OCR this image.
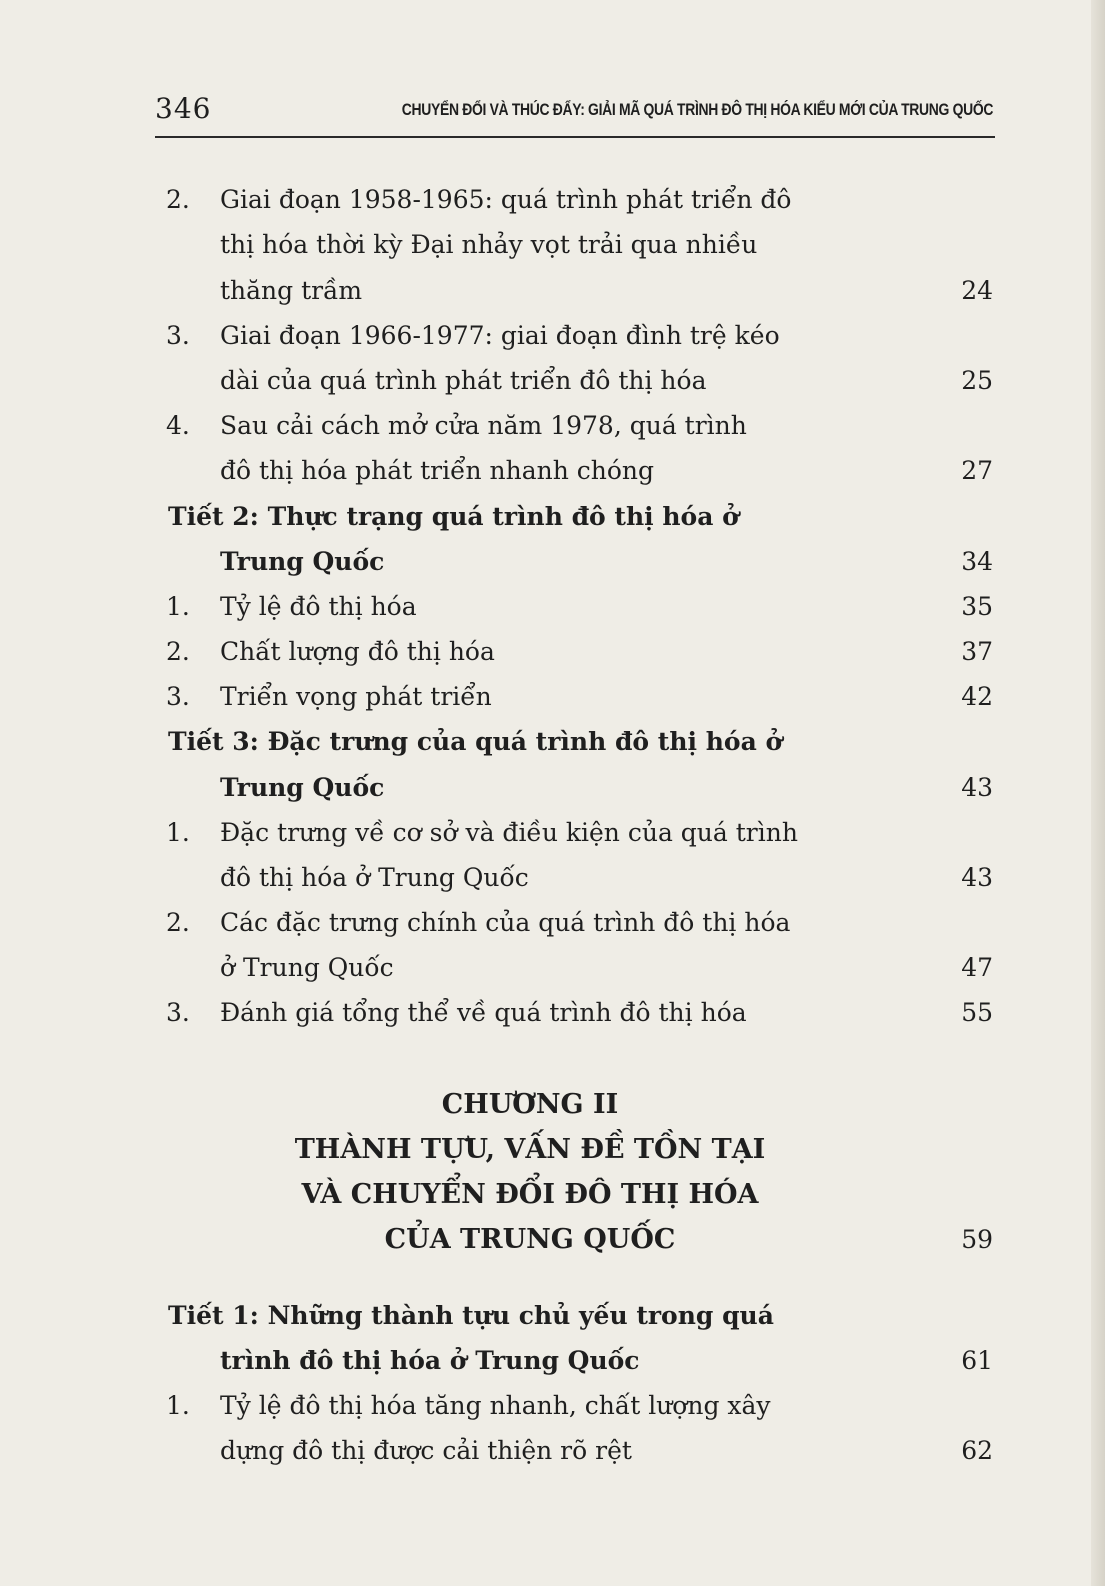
346	CHUYỂN ĐỔI VÀ THÚC ĐẨY: GIẢI MÃ QUÁ TRÌNH ĐÔ THỊ HÓA KIỂU MỚI CỦA TRUNG QUỐC
2. Giai đoạn 1958-1965: quá trình phát triển đô
thị hóa thời kỳ Đại nhảy vọt trải qua nhiều
thăng trầm	24
3. Giai đoạn 1966-1977: giai đoạn đình trệ kéo
dài của quá trình phát triển đô thị hóa	25
4. Sau cải cách mở cửa năm 1978, quá trình
đô thị hóa phát triển nhanh chóng	27
Tiết 2: Thực trạng quá trình đô thị hóa ở
Trung Quốc	34
1. Tỷ lệ đô thị hóa	35
2. Chất lượng đô thị hóa	37
3. Triển vọng phát triển	42
Tiết 3: Đặc trưng của quá trình đô thị hóa ở
Trung Quốc	43
1. Đặc trưng về cơ sở và điều kiện của quá trình
đô thị hóa ở Trung Quốc	43
2. Các đặc trưng chính của quá trình đô thị hóa
ở Trung Quốc	47
3. Đánh giá tổng thể về quá trình đô thị hóa	55
CHƯƠNG II
THÀNH TỰU, VẤN ĐỀ TỒN TẠI
VÀ CHUYỂN ĐỔI ĐÔ THỊ HÓA
CỦA TRUNG QUỐC	59
Tiết 1: Những thành tựu chủ yếu trong quá
trình đô thị hóa ở Trung Quốc	61
1. Tỷ lệ đô thị hóa tăng nhanh, chất lượng xây
dựng đô thị được cải thiện rõ rệt	62
